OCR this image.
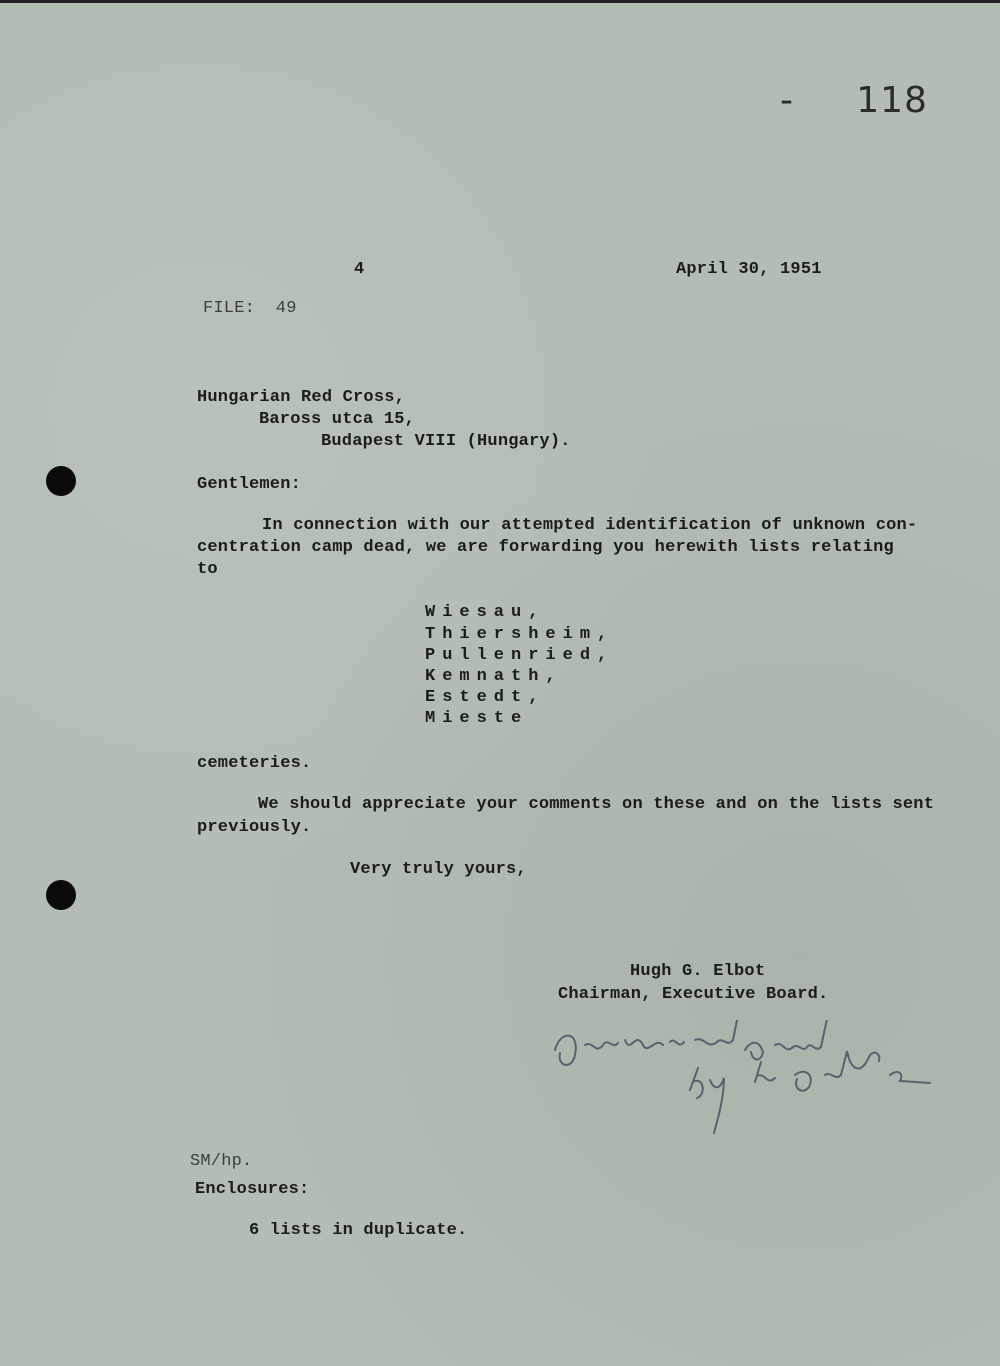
- 118
4	April 30, 1951
FILE:  49
Hungarian Red Cross,
Baross utca 15,
Budapest VIII (Hungary).
Gentlemen:
In connection with our attempted identification of unknown con-
centration camp dead, we are forwarding you herewith lists relating
to
Wiesau,
Thiersheim,
Pullenried,
Kemnath,
Estedt,
Mieste
cemeteries.
We should appreciate your comments on these and on the lists sent
previously.
Very truly yours,
Hugh G. Elbot
Chairman, Executive Board.
SM/hp.
Enclosures:
6 lists in duplicate.
